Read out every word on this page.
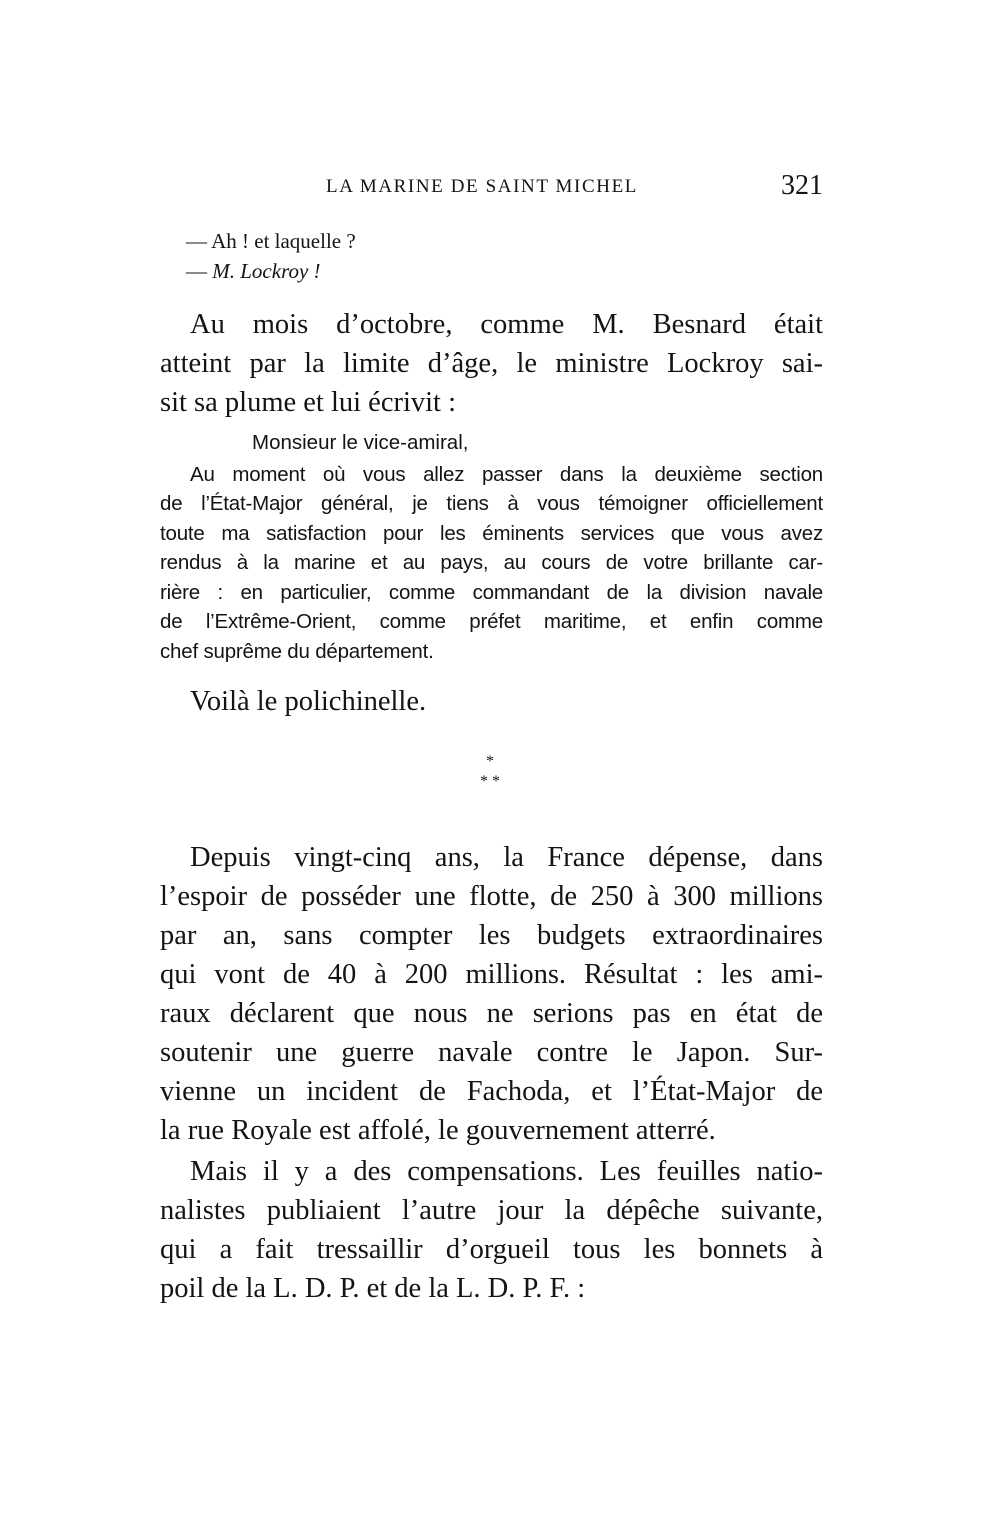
LA MARINE DE SAINT MICHEL	321
— Ah ! et laquelle ?
— M. Lockroy !
Au mois d’octobre, comme M. Besnard était
atteint par la limite d’âge, le ministre Lockroy sai-
sit sa plume et lui écrivit :
Monsieur le vice-amiral,
Au moment où vous allez passer dans la deuxième section
de l’État-Major général, je tiens à vous témoigner officiellement
toute ma satisfaction pour les éminents services que vous avez
rendus à la marine et au pays, au cours de votre brillante car-
rière : en particulier, comme commandant de la division navale
de l’Extrême-Orient, comme préfet maritime, et enfin comme
chef suprême du département.
Voilà le polichinelle.
*
* *
Depuis vingt-cinq ans, la France dépense, dans
l’espoir de posséder une flotte, de 250 à 300 millions
par an, sans compter les budgets extraordinaires
qui vont de 40 à 200 millions. Résultat : les ami-
raux déclarent que nous ne serions pas en état de
soutenir une guerre navale contre le Japon. Sur-
vienne un incident de Fachoda, et l’État-Major de
la rue Royale est affolé, le gouvernement atterré.
Mais il y a des compensations. Les feuilles natio-
nalistes publiaient l’autre jour la dépêche suivante,
qui a fait tressaillir d’orgueil tous les bonnets à
poil de la L. D. P. et de la L. D. P. F. :
